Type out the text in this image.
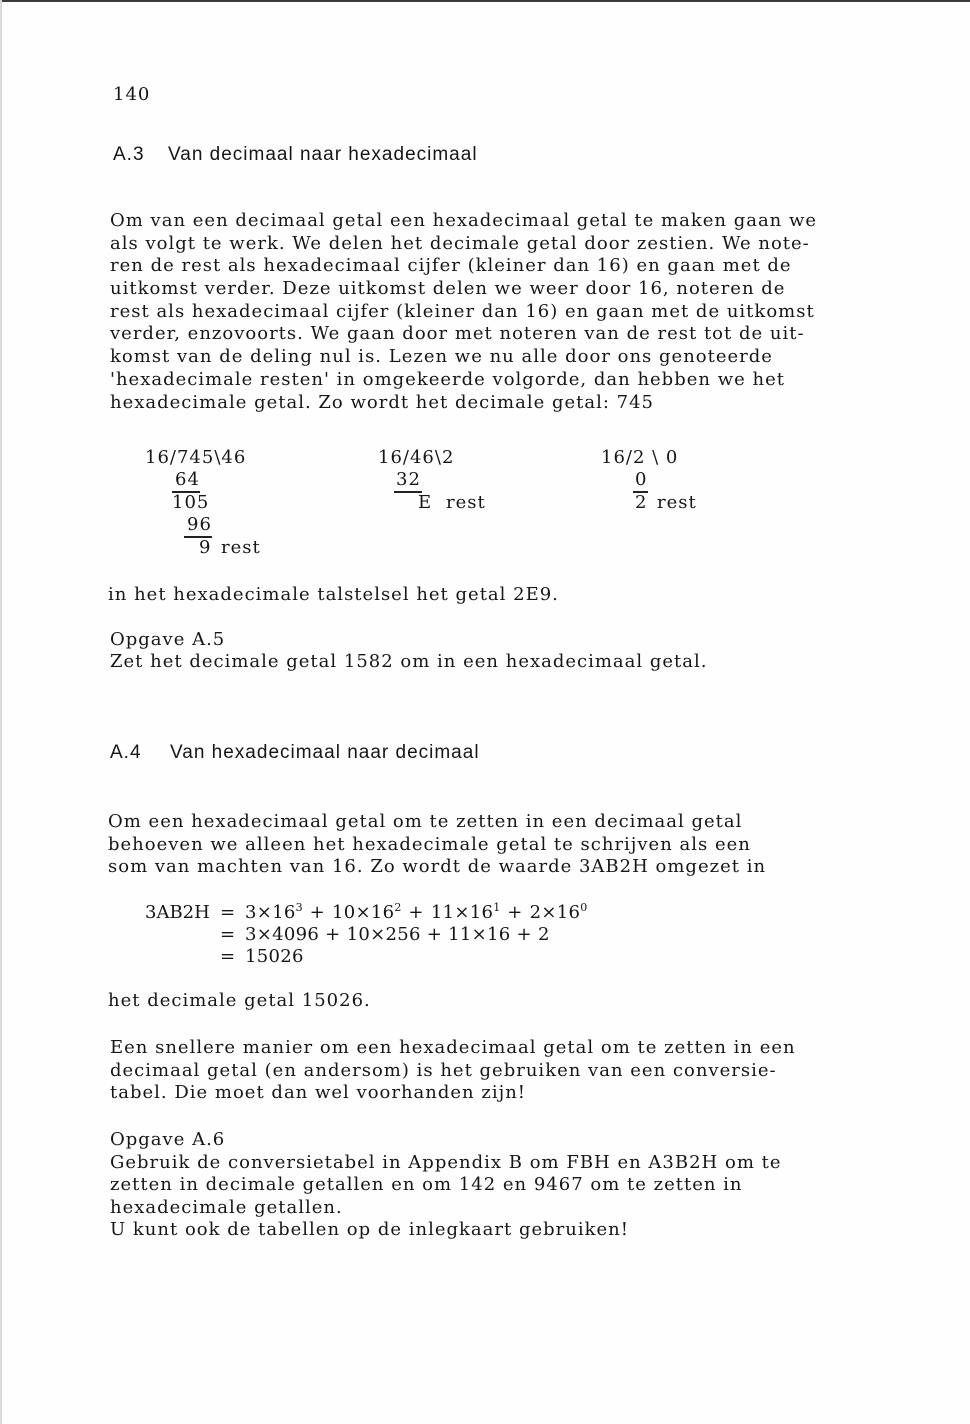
140
A.3 Van decimaal naar hexadecimaal
Om van een decimaal getal een hexadecimaal getal te maken gaan we
als volgt te werk. We delen het decimale getal door zestien. We note-
ren de rest als hexadecimaal cijfer (kleiner dan 16) en gaan met de
uitkomst verder. Deze uitkomst delen we weer door 16, noteren de
rest als hexadecimaal cijfer (kleiner dan 16) en gaan met de uitkomst
verder, enzovoorts. We gaan door met noteren van de rest tot de uit-
komst van de deling nul is. Lezen we nu alle door ons genoteerde
'hexadecimale resten' in omgekeerde volgorde, dan hebben we het
hexadecimale getal. Zo wordt het decimale getal: 745
16/745\46
64
105
96
9 rest
16/46\2
32
E rest
16/2 \ 0
0
2 rest
in het hexadecimale talstelsel het getal 2E9.
Opgave A.5
Zet het decimale getal 1582 om in een hexadecimaal getal.
A.4 Van hexadecimaal naar decimaal
Om een hexadecimaal getal om te zetten in een decimaal getal
behoeven we alleen het hexadecimale getal te schrijven als een
som van machten van 16. Zo wordt de waarde 3AB2H omgezet in
$3AB2H = 3\times 16^3 + 10\times 16^2 + 11\times 16^1 + 2\times 16^0$
= 3×4096 + 10×256 + 11×16 + 2
= 15026
het decimale getal 15026.
Een snellere manier om een hexadecimaal getal om te zetten in een
decimaal getal (en andersom) is het gebruiken van een conversie-
tabel. Die moet dan wel voorhanden zijn!
Opgave A.6
Gebruik de conversietabel in Appendix B om FBH en A3B2H om te
zetten in decimale getallen en om 142 en 9467 om te zetten in
hexadecimale getallen.
U kunt ook de tabellen op de inlegkaart gebruiken!
